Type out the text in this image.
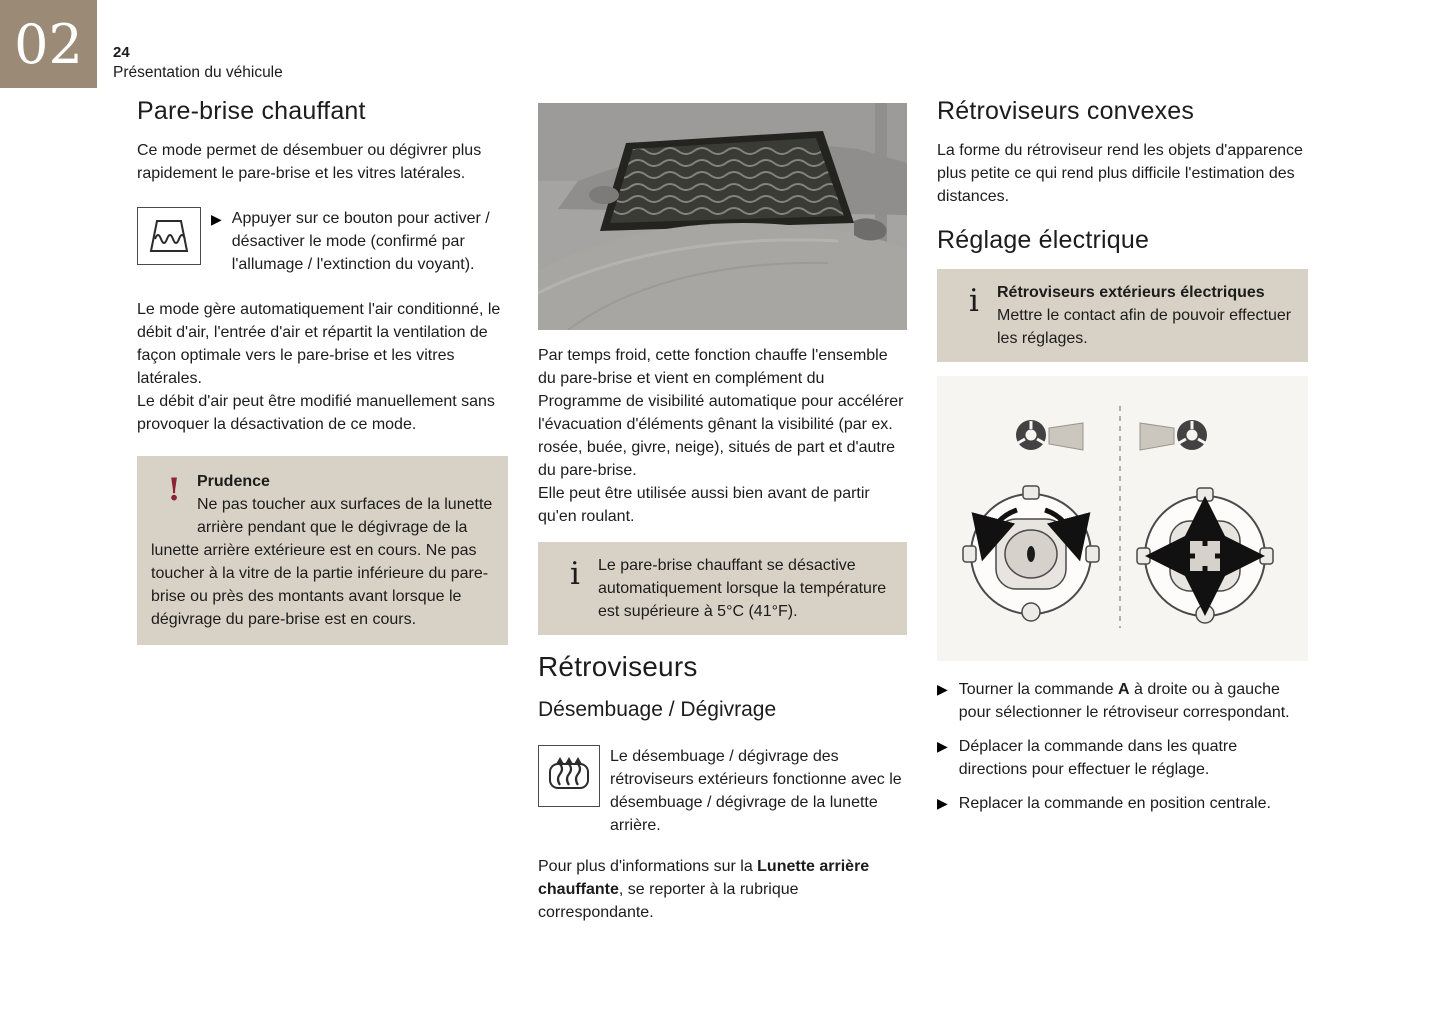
02 24
Présentation du véhicule
Pare-brise chauffant

Ce mode permet de désembuer ou dégivrer plus rapidement le pare-brise et les vitres latérales.

▶ Appuyer sur ce bouton pour activer / désactiver le mode (confirmé par l'allumage / l'extinction du voyant).

Le mode gère automatiquement l'air conditionné, le débit d'air, l'entrée d'air et répartit la ventilation de façon optimale vers le pare-brise et les vitres latérales.

Le débit d'air peut être modifié manuellement sans provoquer la désactivation de ce mode.

!	Prudence
Ne pas toucher aux surfaces de la lunette arrière pendant que le dégivrage de la lunette arrière extérieure est en cours. Ne pas toucher à la vitre de la partie inférieure du pare-brise ou près des montants avant lorsque le dégivrage du pare-brise est en cours.

Par temps froid, cette fonction chauffe l'ensemble du pare-brise et vient en complément du Programme de visibilité automatique pour accélérer l'évacuation d'éléments gênant la visibilité (par ex. rosée, buée, givre, neige), situés de part et d'autre du pare-brise.

Elle peut être utilisée aussi bien avant de partir qu'en roulant.

i	Le pare-brise chauffant se désactive automatiquement lorsque la température est supérieure à 5°C (41°F).
Rétroviseurs
Désembuage / Dégivrage

Le désembuage / dégivrage des rétroviseurs extérieurs fonctionne avec le désembuage / dégivrage de la lunette arrière.

Pour plus d'informations sur la Lunette arrière chauffante, se reporter à la rubrique correspondante.

Rétroviseurs convexes

La forme du rétroviseur rend les objets d'apparence plus petite ce qui rend plus difficile l'estimation des distances.

Réglage électrique
i	Rétroviseurs extérieurs électriques
Mettre le contact afin de pouvoir effectuer les réglages.
▶ Tourner la commande A à droite ou à gauche pour sélectionner le rétroviseur correspondant.

▶ Déplacer la commande dans les quatre directions pour effectuer le réglage.

▶ Replacer la commande en position centrale.
